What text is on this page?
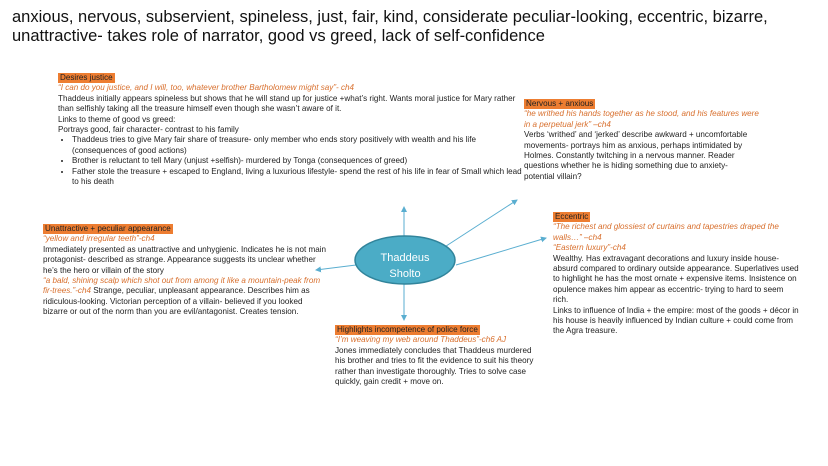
anxious, nervous, subservient, spineless, just, fair, kind, considerate peculiar-looking, eccentric, bizarre, unattractive- takes role of narrator, good vs greed, lack of self-confidence
Thaddeus
Sholto

Desires justice

“I can do you justice, and I will, too, whatever brother Bartholomew might say”- ch4

Thaddeus initially appears spineless but shows that he will stand up for justice +what’s right. Wants moral justice for Mary rather than selfishly taking all the treasure himself even though she wasn’t aware of it.

Links to theme of good vs greed:

Portrays good, fair character- contrast to his family

• Thaddeus tries to give Mary fair share of treasure- only member who ends story positively with wealth and his life (consequences of good actions)
• Brother is reluctant to tell Mary (unjust +selfish)- murdered by Tonga (consequences of greed)
• Father stole the treasure + escaped to England, living a luxurious lifestyle- spend the rest of his life in fear of Small which lead to his death

Nervous + anxious

“he writhed his hands together as he stood, and his features were in a perpetual jerk” –ch4

Verbs ‘writhed’ and ‘jerked’ describe awkward + uncomfortable movements- portrays him as anxious, perhaps intimidated by Holmes. Constantly twitching in a nervous manner. Reader questions whether he is hiding something due to anxiety- potential villain?

Unattractive + peculiar appearance

“yellow and irregular teeth”-ch4

Immediately presented as unattractive and unhygienic. Indicates he is not main protagonist- described as strange. Appearance suggests its unclear whether he’s the hero or villain of the story

“a bald, shining scalp which shot out from among it like a mountain-peak from fir-trees.”-ch4 Strange, peculiar, unpleasant appearance. Describes him as ridiculous-looking. Victorian perception of a villain- believed if you looked bizarre or out of the norm than you are evil/antagonist. Creates tension.

Eccentric

“The richest and glossiest of curtains and tapestries draped the walls…” –ch4

“Eastern luxury”-ch4

Wealthy. Has extravagant decorations and luxury inside house- absurd compared to ordinary outside appearance. Superlatives used to highlight he has the most ornate + expensive items. Insistence on opulence makes him appear as eccentric- trying to hard to seem rich.

Links to influence of India + the empire: most of the goods + décor in his house is heavily influenced by Indian culture + could come from the Agra treasure.

Highlights incompetence of police force

“I’m weaving my web around Thaddeus”-ch6 AJ

Jones immediately concludes that Thaddeus murdered his brother and tries to fit the evidence to suit his theory rather than investigate thoroughly. Tries to solve case quickly, gain credit + move on.
